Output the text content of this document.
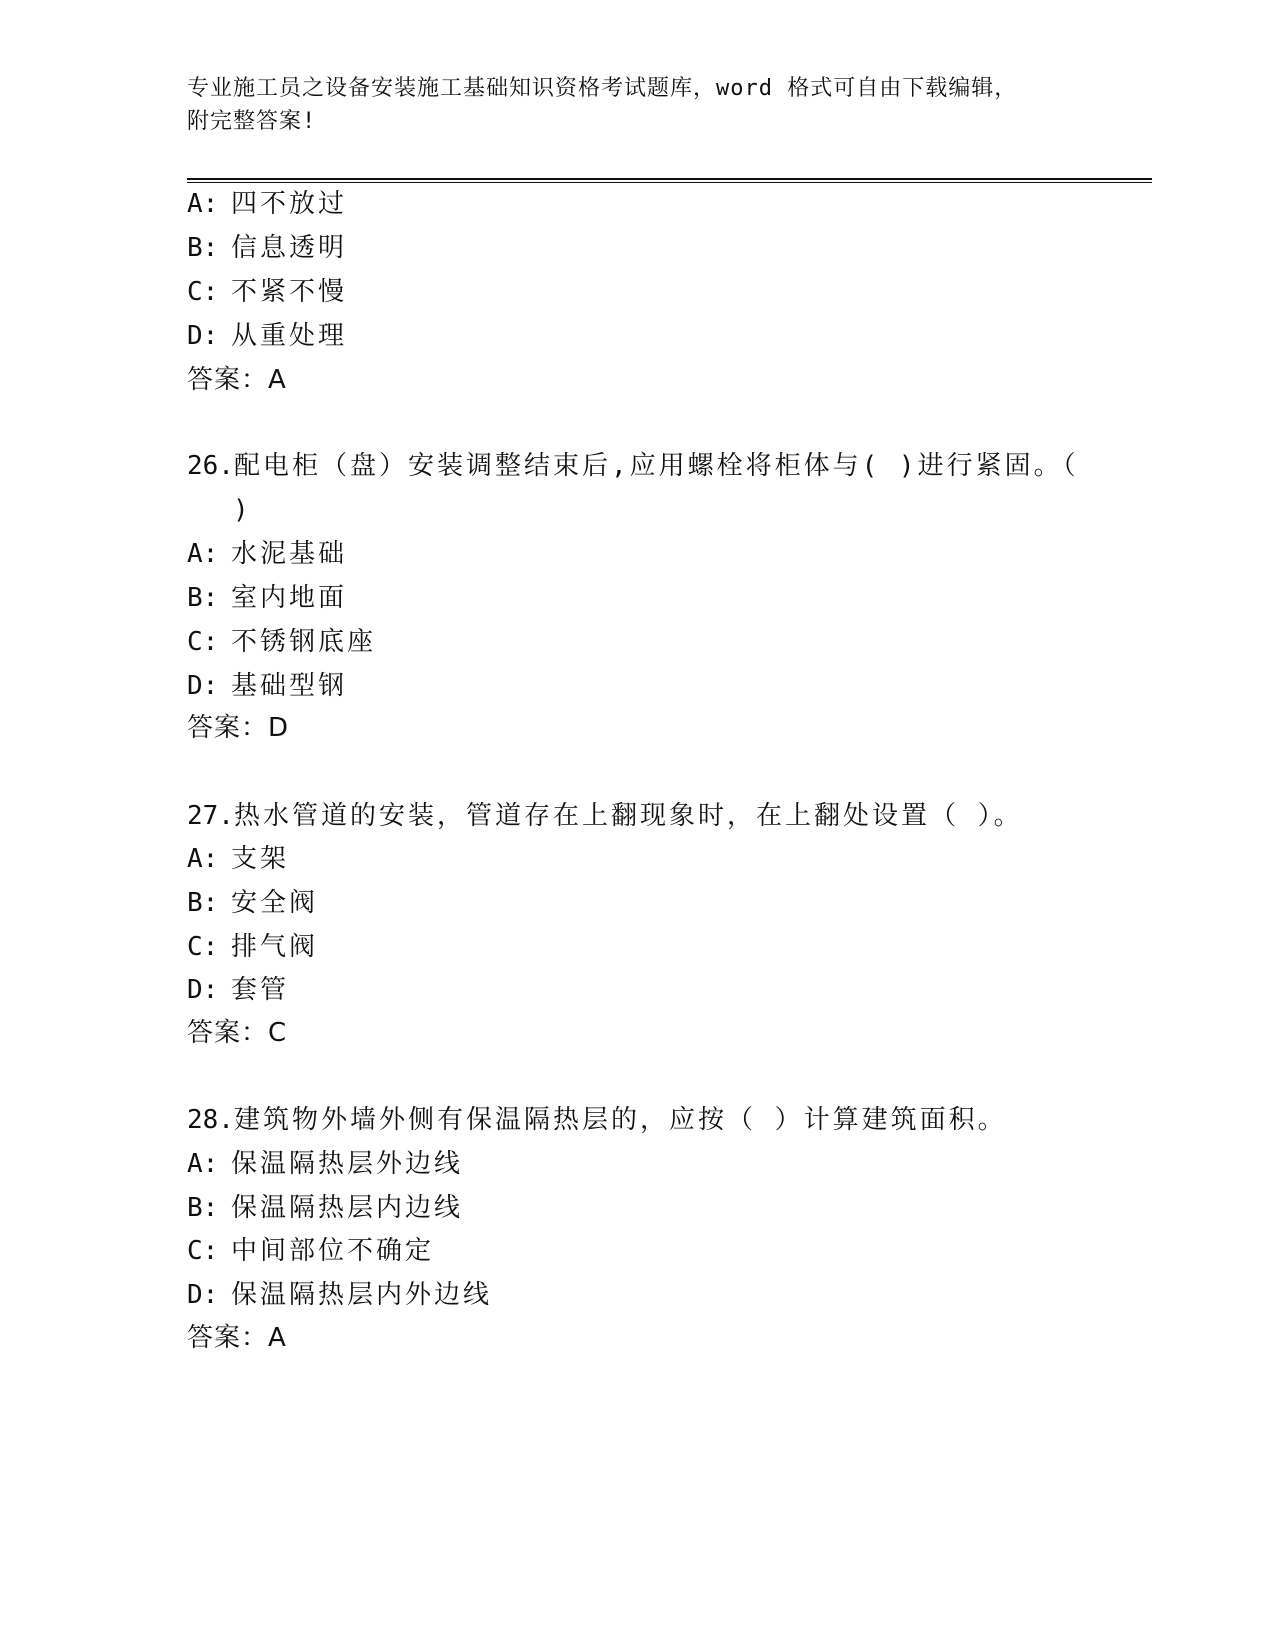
专业施工员之设备安装施工基础知识资格考试题库，word 格式可自由下载编辑，
附完整答案!
A: 四不放过
B: 信息透明
C: 不紧不慢
D: 从重处理
答案：A
26.配电柜（盘）安装调整结束后,应用螺栓将柜体与( )进行紧固。（
)
A: 水泥基础
B: 室内地面
C: 不锈钢底座
D: 基础型钢
答案：D
27.热水管道的安装，管道存在上翻现象时，在上翻处设置（ ）。
A: 支架
B: 安全阀
C: 排气阀
D: 套管
答案：C
28.建筑物外墙外侧有保温隔热层的，应按（ ）计算建筑面积。
A: 保温隔热层外边线
B: 保温隔热层内边线
C: 中间部位不确定
D: 保温隔热层内外边线
答案：A
